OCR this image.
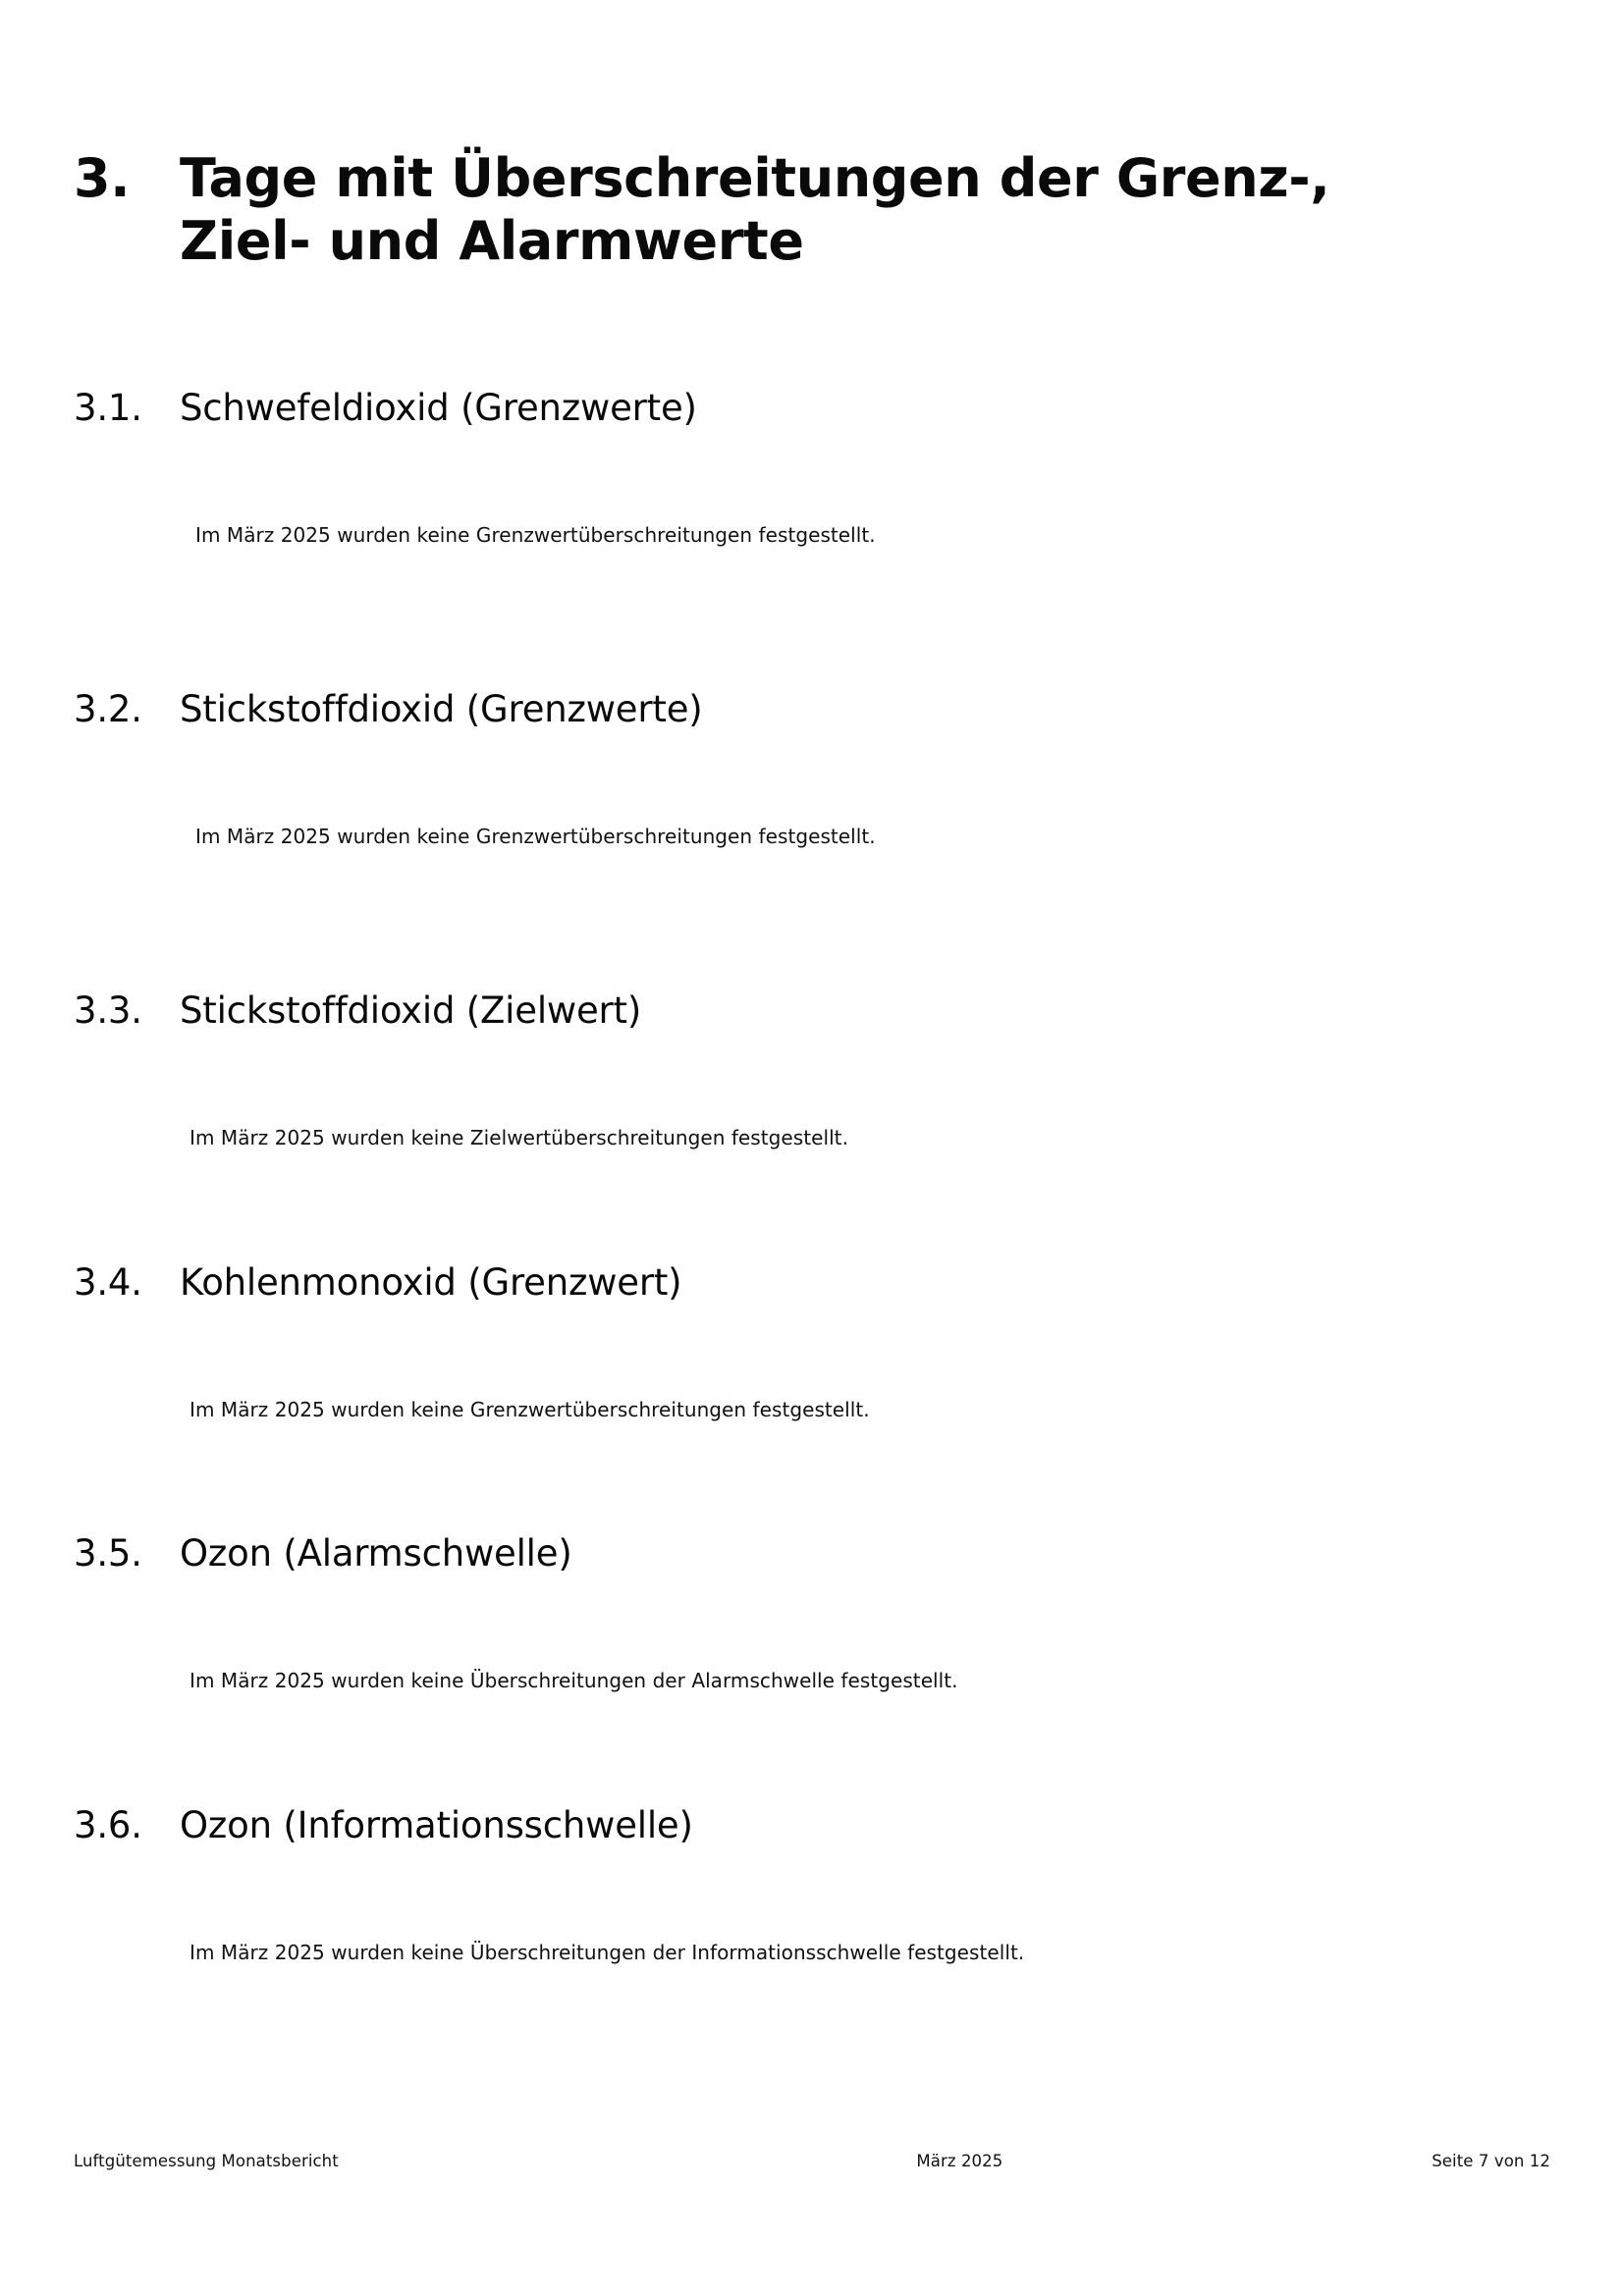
3. Tage mit Überschreitungen der Grenz-, Ziel- und Alarmwerte
3.1.	Schwefeldioxid (Grenzwerte)

Im März 2025 wurden keine Grenzwertüberschreitungen festgestellt.

3.2.	Stickstoffdioxid (Grenzwerte)

Im März 2025 wurden keine Grenzwertüberschreitungen festgestellt.

3.3.	Stickstoffdioxid (Zielwert)

Im März 2025 wurden keine Zielwertüberschreitungen festgestellt.

3.4.	Kohlenmonoxid (Grenzwert)

Im März 2025 wurden keine Grenzwertüberschreitungen festgestellt.

3.5.	Ozon (Alarmschwelle)

Im März 2025 wurden keine Überschreitungen der Alarmschwelle festgestellt.

3.6.	Ozon (Informationsschwelle)

Im März 2025 wurden keine Überschreitungen der Informationsschwelle festgestellt.

Luftgütemessung Monatsbericht	März 2025	Seite 7 von 12
